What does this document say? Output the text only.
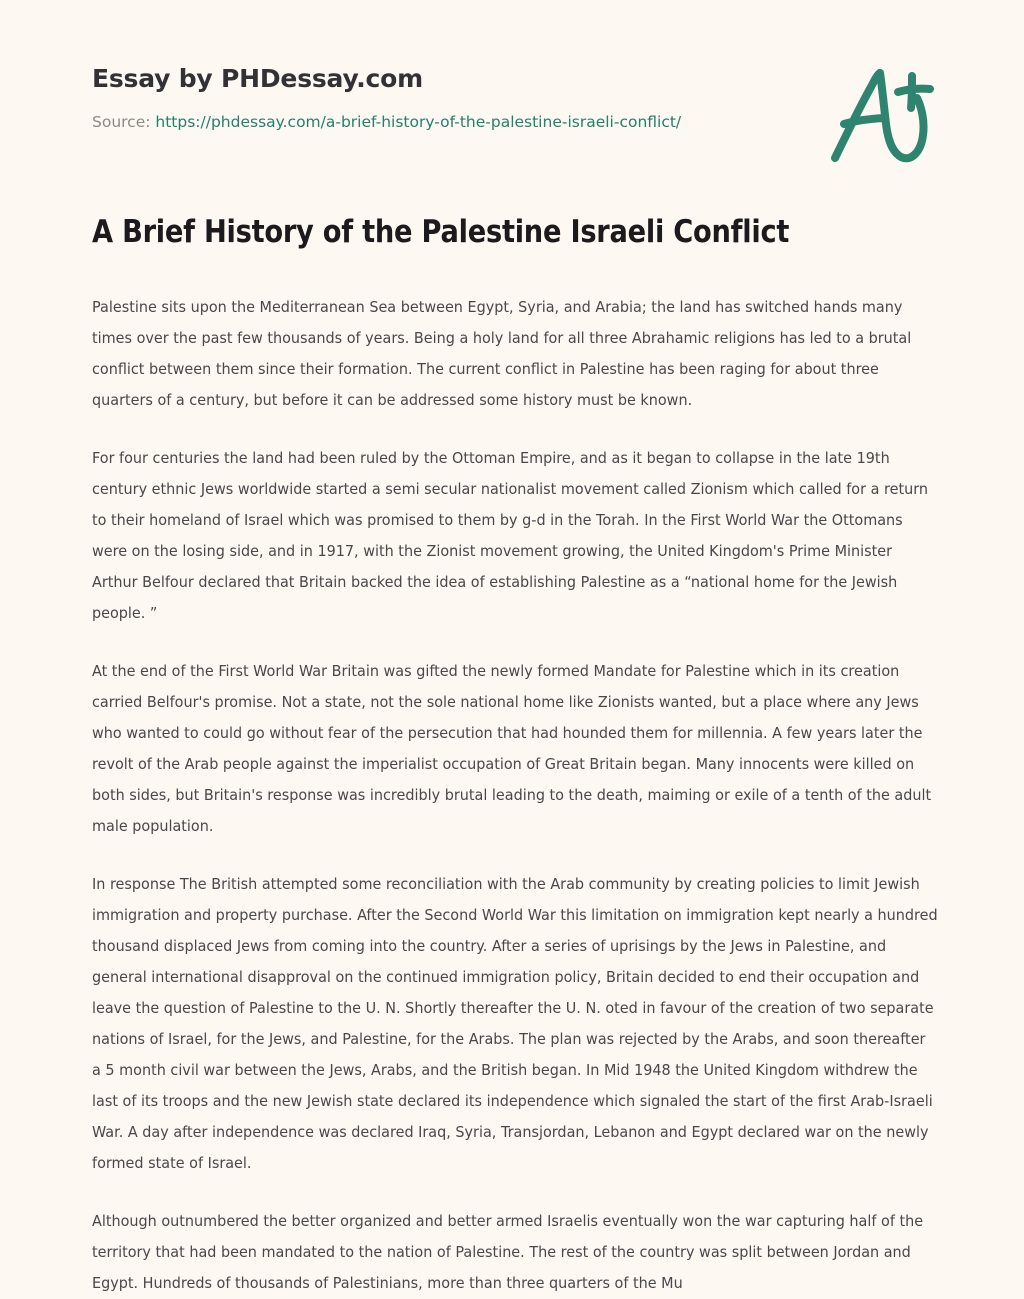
Essay by PHDessay.com
Source: https://phdessay.com/a-brief-history-of-the-palestine-israeli-conflict/
A Brief History of the Palestine Israeli Conflict

Palestine sits upon the Mediterranean Sea between Egypt, Syria, and Arabia; the land has switched hands many times over the past few thousands of years. Being a holy land for all three Abrahamic religions has led to a brutal conflict between them since their formation. The current conflict in Palestine has been raging for about three quarters of a century, but before it can be addressed some history must be known.

For four centuries the land had been ruled by the Ottoman Empire, and as it began to collapse in the late 19th century ethnic Jews worldwide started a semi secular nationalist movement called Zionism which called for a return to their homeland of Israel which was promised to them by g-d in the Torah. In the First World War the Ottomans were on the losing side, and in 1917, with the Zionist movement growing, the United Kingdom's Prime Minister Arthur Belfour declared that Britain backed the idea of establishing Palestine as a “national home for the Jewish people. ”

At the end of the First World War Britain was gifted the newly formed Mandate for Palestine which in its creation carried Belfour's promise. Not a state, not the sole national home like Zionists wanted, but a place where any Jews who wanted to could go without fear of the persecution that had hounded them for millennia. A few years later the revolt of the Arab people against the imperialist occupation of Great Britain began. Many innocents were killed on both sides, but Britain's response was incredibly brutal leading to the death, maiming or exile of a tenth of the adult male population.

In response The British attempted some reconciliation with the Arab community by creating policies to limit Jewish immigration and property purchase. After the Second World War this limitation on immigration kept nearly a hundred thousand displaced Jews from coming into the country. After a series of uprisings by the Jews in Palestine, and general international disapproval on the continued immigration policy, Britain decided to end their occupation and leave the question of Palestine to the U. N. Shortly thereafter the U. N. oted in favour of the creation of two separate nations of Israel, for the Jews, and Palestine, for the Arabs. The plan was rejected by the Arabs, and soon thereafter a 5 month civil war between the Jews, Arabs, and the British began. In Mid 1948 the United Kingdom withdrew the last of its troops and the new Jewish state declared its independence which signaled the start of the first Arab-Israeli War. A day after independence was declared Iraq, Syria, Transjordan, Lebanon and Egypt declared war on the newly formed state of Israel.

Although outnumbered the better organized and better armed Israelis eventually won the war capturing half of the territory that had been mandated to the nation of Palestine. The rest of the country was split between Jordan and Egypt. Hundreds of thousands of Palestinians, more than three quarters of the Mu
